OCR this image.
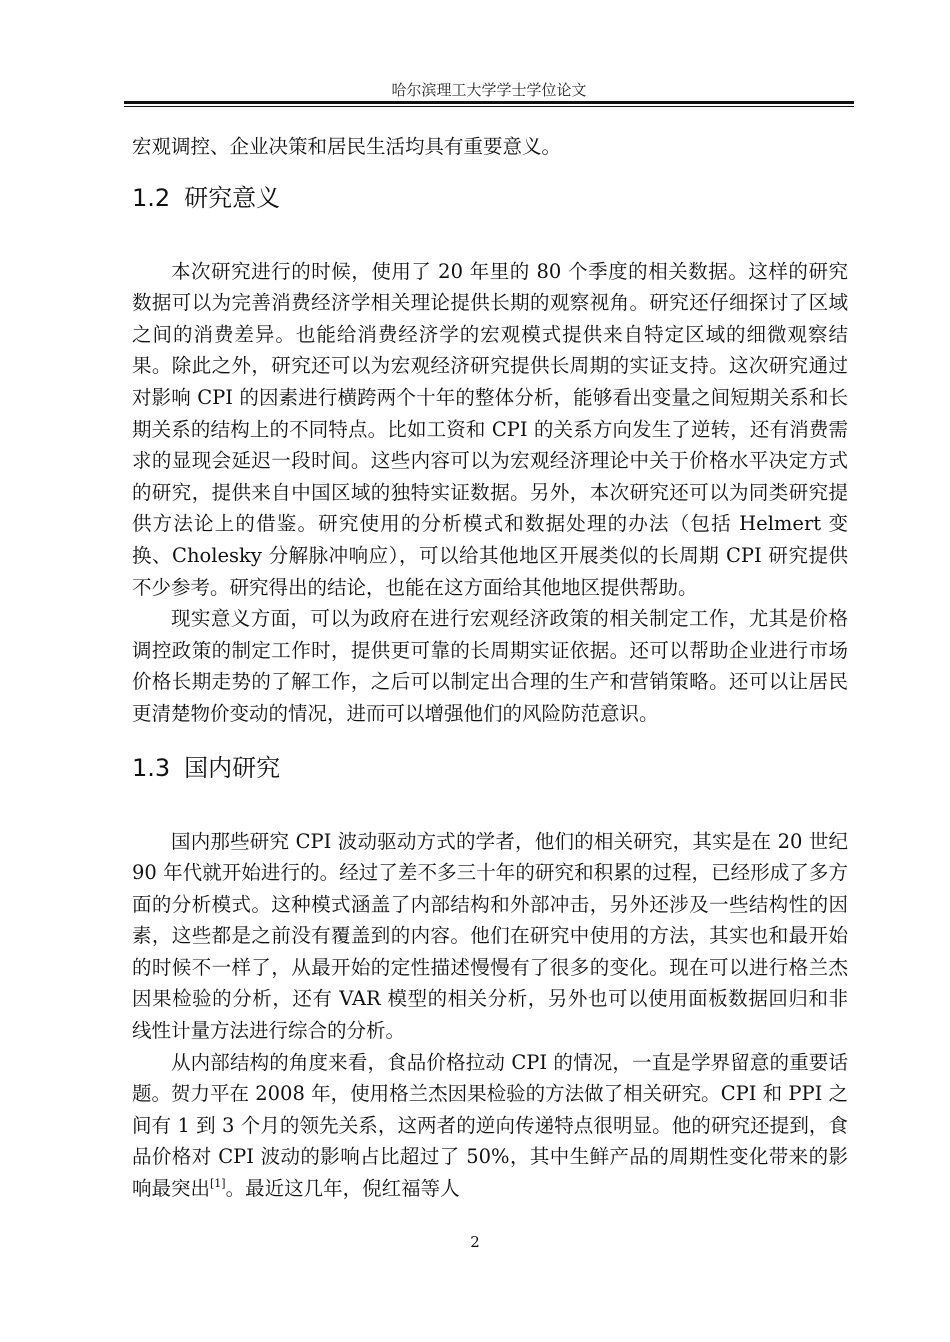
哈尔滨理工大学学士学位论文

宏观调控、企业决策和居民生活均具有重要意义。

1.2 研究意义

本次研究进行的时候，使用了 20 年里的 80 个季度的相关数据。这样的研究数据可以为完善消费经济学相关理论提供长期的观察视角。研究还仔细探讨了区域之间的消费差异。也能给消费经济学的宏观模式提供来自特定区域的细微观察结果。除此之外，研究还可以为宏观经济研究提供长周期的实证支持。这次研究通过对影响 CPI 的因素进行横跨两个十年的整体分析，能够看出变量之间短期关系和长期关系的结构上的不同特点。比如工资和 CPI 的关系方向发生了逆转，还有消费需求的显现会延迟一段时间。这些内容可以为宏观经济理论中关于价格水平决定方式的研究，提供来自中国区域的独特实证数据。另外，本次研究还可以为同类研究提供方法论上的借鉴。研究使用的分析模式和数据处理的办法（包括 Helmert 变换、Cholesky 分解脉冲响应），可以给其他地区开展类似的长周期 CPI 研究提供不少参考。研究得出的结论，也能在这方面给其他地区提供帮助。

现实意义方面，可以为政府在进行宏观经济政策的相关制定工作，尤其是价格调控政策的制定工作时，提供更可靠的长周期实证依据。还可以帮助企业进行市场价格长期走势的了解工作，之后可以制定出合理的生产和营销策略。还可以让居民更清楚物价变动的情况，进而可以增强他们的风险防范意识。

1.3 国内研究

国内那些研究 CPI 波动驱动方式的学者，他们的相关研究，其实是在 20 世纪 90 年代就开始进行的。经过了差不多三十年的研究和积累的过程，已经形成了多方面的分析模式。这种模式涵盖了内部结构和外部冲击，另外还涉及一些结构性的因素，这些都是之前没有覆盖到的内容。他们在研究中使用的方法，其实也和最开始的时候不一样了，从最开始的定性描述慢慢有了很多的变化。现在可以进行格兰杰因果检验的分析，还有 VAR 模型的相关分析，另外也可以使用面板数据回归和非线性计量方法进行综合的分析。

从内部结构的角度来看，食品价格拉动 CPI 的情况，一直是学界留意的重要话题。贺力平在 2008 年，使用格兰杰因果检验的方法做了相关研究。CPI 和 PPI 之间有 1 到 3 个月的领先关系，这两者的逆向传递特点很明显。他的研究还提到，食品价格对 CPI 波动的影响占比超过了 50%，其中生鲜产品的周期性变化带来的影响最突出[1]。最近这几年，倪红福等人

2
